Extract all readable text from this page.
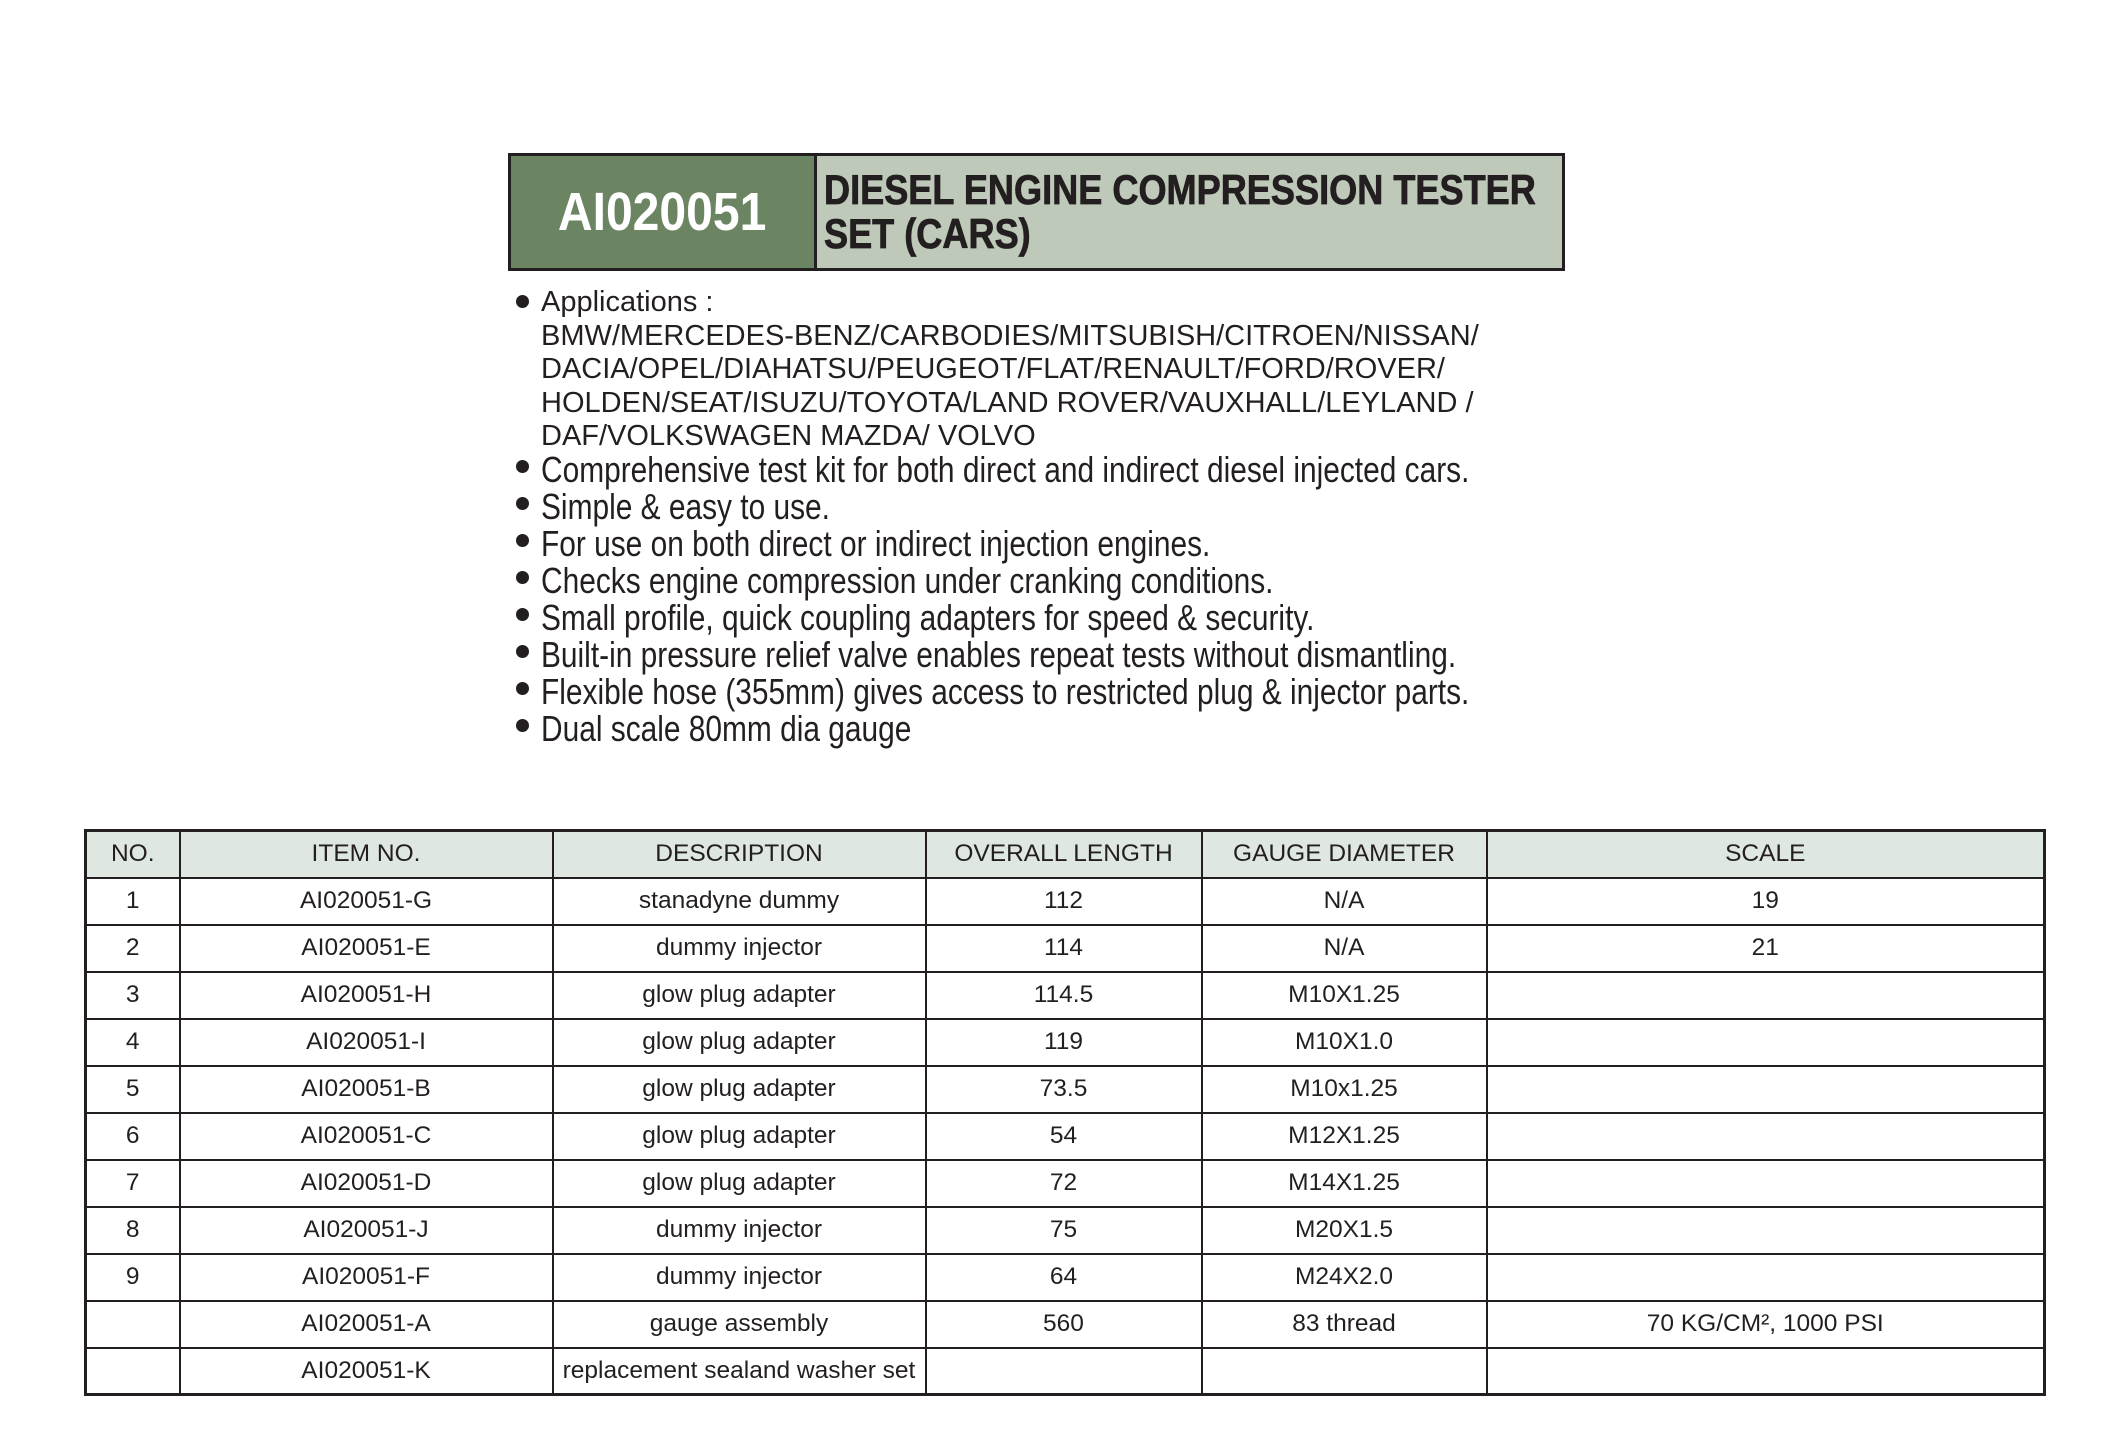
AI020051 DIESEL ENGINE COMPRESSION TESTER
SET (CARS)
Applications :
BMW/MERCEDES-BENZ/CARBODIES/MITSUBISH/CITROEN/NISSAN/
DACIA/OPEL/DIAHATSU/PEUGEOT/FLAT/RENAULT/FORD/ROVER/
HOLDEN/SEAT/ISUZU/TOYOTA/LAND ROVER/VAUXHALL/LEYLAND /
DAF/VOLKSWAGEN MAZDA/ VOLVO
Comprehensive test kit for both direct and indirect diesel injected cars.
Simple & easy to use.
For use on both direct or indirect injection engines.
Checks engine compression under cranking conditions.
Small profile, quick coupling adapters for speed & security.
Built-in pressure relief valve enables repeat tests without dismantling.
Flexible hose (355mm) gives access to restricted plug & injector parts.
Dual scale 80mm dia gauge
NO.	ITEM NO.	DESCRIPTION	OVERALL LENGTH	GAUGE DIAMETER	SCALE
1	AI020051-G	stanadyne dummy	112	N/A	19
2	AI020051-E	dummy injector	114	N/A	21
3	AI020051-H	glow plug adapter	114.5	M10X1.25	
4	AI020051-I	glow plug adapter	119	M10X1.0	
5	AI020051-B	glow plug adapter	73.5	M10x1.25	
6	AI020051-C	glow plug adapter	54	M12X1.25	
7	AI020051-D	glow plug adapter	72	M14X1.25	
8	AI020051-J	dummy injector	75	M20X1.5	
9	AI020051-F	dummy injector	64	M24X2.0	
	AI020051-A	gauge assembly	560	83 thread	70 KG/CM², 1000 PSI
	AI020051-K	replacement sealand washer set			
